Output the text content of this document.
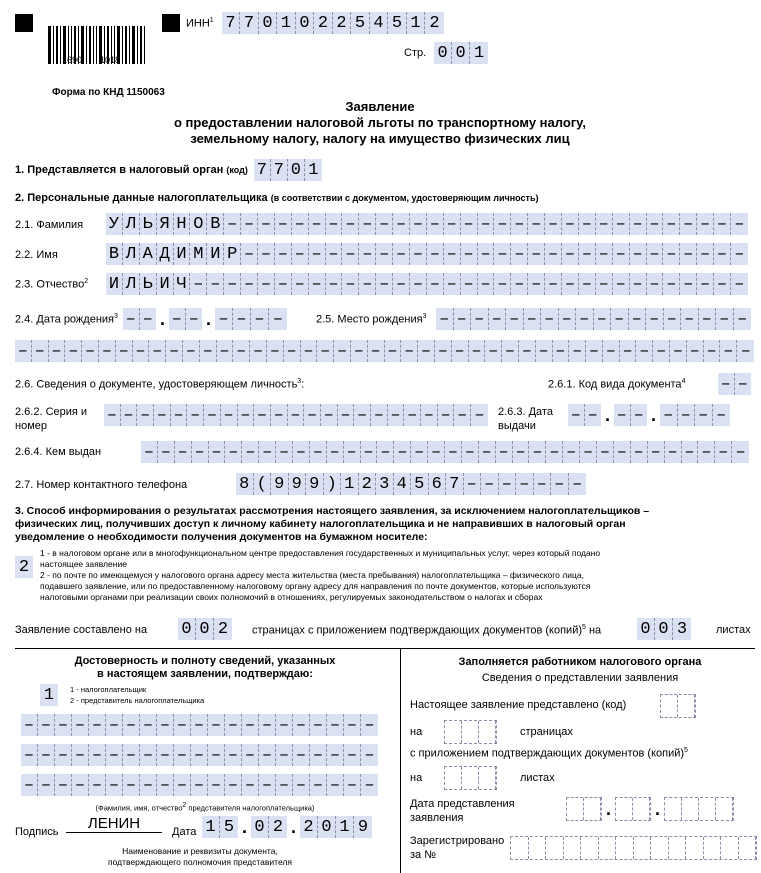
1690 1018
ИНН$^1$ 7 7 0 1 0 2 2 5 4 5 1 2
Стр. 0 0 1
Форма по КНД 1150063
Заявление
о предоставлении налоговой льготы по транспортному налогу,
земельному налогу, налогу на имущество физических лиц
1. Представляется в налоговый орган (код) 7 7 0 1
2. Персональные данные налогоплательщика (в соответствии с документом, удостоверяющим личность)
2.1. Фамилия У Л Ь Я Н О В – – – – – – – – – – – – – – – – – – – – – – – – – – – – – – –
2.2. Имя	В Л А Д И М И Р – – – – – – – – – – – – – – – – – – – – – – – – – – – – – –
2.3. Отчество$^2$ И Л Ь И Ч – – – – – – – – – – – – – – – – – – – – – – – – – – – – – – – – –
2.4. Дата рождения$^3$ – – . – – . – – – –	2.5. Место рождения$^3$ – – – – – – – – – – – – – – – – – –
– – – – – – – – – – – – – – – – – – – – – – – – – – – – – – – – – – – – – – – – – – – –
2.6. Сведения о документе, удостоверяющем личность$^3$:	2.6.1. Код вида документа$^4$ – –
2.6.2. Серия и
номер
– – – – – – – – – – – – – – – – – – – – – – – 2.6.3. Дата
выдачи
– – . – – . – – – –
2.6.4. Кем выдан	– – – – – – – – – – – – – – – – – – – – – – – – – – – – – – – – – – – –
2.7. Номер контактного телефона	8 ( 9 9 9 ) 1 2 3 4 5 6 7 – – – – – – –
3. Способ информирования о результатах рассмотрения настоящего заявления, за исключением налогоплательщиков –
физических лиц, получивших доступ к личному кабинету налогоплательщика и не направивших в налоговый орган
уведомление о необходимости получения документов на бумажном носителе:
2
1 - в налоговом органе или в многофункциональном центре предоставления государственных и муниципальных услуг, через который подано
настоящее заявление
2 - по почте по имеющемуся у налогового органа адресу места жительства (места пребывания) налогоплательщика – физического лица,
подавшего заявление, или по предоставленному налоговому органу адресу для направления по почте документов, которые используются
налоговыми органами при реализации своих полномочий в отношениях, регулируемых законодательством о налогах и сборах
Заявление составлено на 0 0 2	страницах с приложением подтверждающих документов (копий)$^5$ на 0 0 3	листах
Достоверность и полноту сведений, указанных
в настоящем заявлении, подтверждаю:
1	1 - налогоплательщик
2 - представитель налогоплательщика
– – – – – – – – – – – – – – – – – – – – –
– – – – – – – – – – – – – – – – – – – – –
– – – – – – – – – – – – – – – – – – – – –
(Фамилия, имя, отчество2 представителя налогоплательщика)
Подпись	ЛЕНИН	Дата 1 5 . 0 2 . 2 0 1 9
Наименование и реквизиты документа,
подтверждающего полномочия представителя
Заполняется работником налогового органа
Сведения о представлении заявления
Настоящее заявление представлено (код)
на	страницах
с приложением подтверждающих документов (копий)$^5$
на	листах
Дата представления
заявления	. .
Зарегистрировано
за №
